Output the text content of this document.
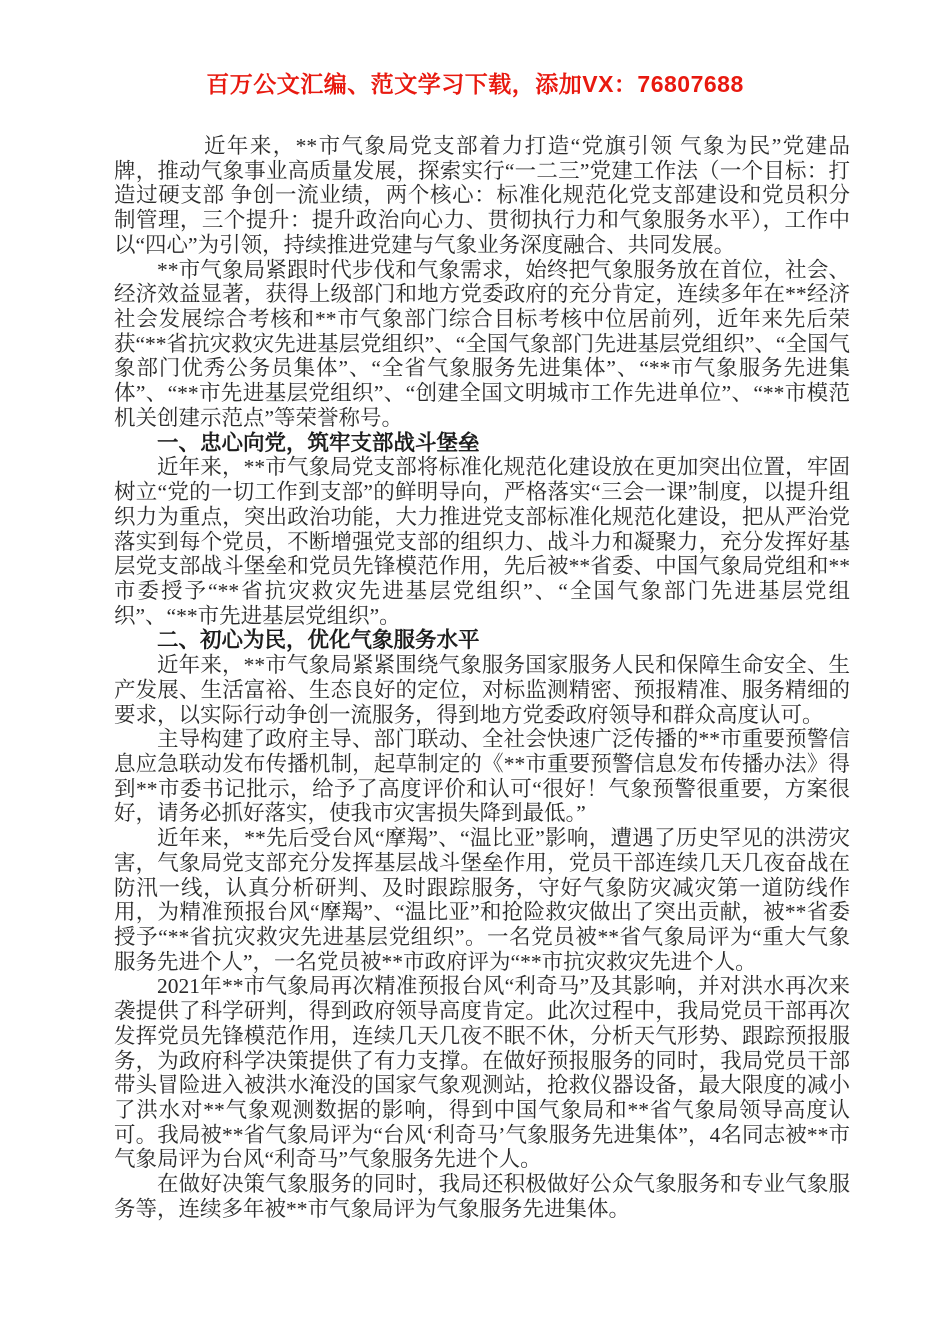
百万公文汇编、范文学习下载，添加VX：76807688

近年来，**市气象局党支部着力打造“党旗引领 气象为民”党建品牌，推动气象事业高质量发展，探索实行“一二三”党建工作法（一个目标：打造过硬支部 争创一流业绩，两个核心：标准化规范化党支部建设和党员积分制管理，三个提升：提升政治向心力、贯彻执行力和气象服务水平），工作中以“四心”为引领，持续推进党建与气象业务深度融合、共同发展。

**市气象局紧跟时代步伐和气象需求，始终把气象服务放在首位，社会、经济效益显著，获得上级部门和地方党委政府的充分肯定，连续多年在**经济社会发展综合考核和**市气象部门综合目标考核中位居前列，近年来先后荣获“**省抗灾救灾先进基层党组织”、“全国气象部门先进基层党组织”、“全国气象部门优秀公务员集体”、“全省气象服务先进集体”、“**市气象服务先进集体”、“**市先进基层党组织”、“创建全国文明城市工作先进单位”、“**市模范机关创建示范点”等荣誉称号。

一、忠心向党，筑牢支部战斗堡垒

近年来，**市气象局党支部将标准化规范化建设放在更加突出位置，牢固树立“党的一切工作到支部”的鲜明导向，严格落实“三会一课”制度，以提升组织力为重点，突出政治功能，大力推进党支部标准化规范化建设，把从严治党落实到每个党员，不断增强党支部的组织力、战斗力和凝聚力，充分发挥好基层党支部战斗堡垒和党员先锋模范作用，先后被**省委、中国气象局党组和**市委授予“**省抗灾救灾先进基层党组织”、“全国气象部门先进基层党组织”、“**市先进基层党组织”。

二、初心为民，优化气象服务水平

近年来，**市气象局紧紧围绕气象服务国家服务人民和保障生命安全、生产发展、生活富裕、生态良好的定位，对标监测精密、预报精准、服务精细的要求，以实际行动争创一流服务，得到地方党委政府领导和群众高度认可。

主导构建了政府主导、部门联动、全社会快速广泛传播的**市重要预警信息应急联动发布传播机制，起草制定的《**市重要预警信息发布传播办法》得到**市委书记批示，给予了高度评价和认可“很好！气象预警很重要，方案很好，请务必抓好落实，使我市灾害损失降到最低。”

近年来，**先后受台风“摩羯”、“温比亚”影响，遭遇了历史罕见的洪涝灾害，气象局党支部充分发挥基层战斗堡垒作用，党员干部连续几天几夜奋战在防汛一线，认真分析研判、及时跟踪服务，守好气象防灾减灾第一道防线作用，为精准预报台风“摩羯”、“温比亚”和抢险救灾做出了突出贡献，被**省委授予“**省抗灾救灾先进基层党组织”。一名党员被**省气象局评为“重大气象服务先进个人”，一名党员被**市政府评为“**市抗灾救灾先进个人。

2021年**市气象局再次精准预报台风“利奇马”及其影响，并对洪水再次来袭提供了科学研判，得到政府领导高度肯定。此次过程中，我局党员干部再次发挥党员先锋模范作用，连续几天几夜不眠不休，分析天气形势、跟踪预报服务，为政府科学决策提供了有力支撑。在做好预报服务的同时，我局党员干部带头冒险进入被洪水淹没的国家气象观测站，抢救仪器设备，最大限度的减小了洪水对**气象观测数据的影响，得到中国气象局和**省气象局领导高度认可。我局被**省气象局评为“台风‘利奇马’气象服务先进集体”，4名同志被**市气象局评为台风“利奇马”气象服务先进个人。

在做好决策气象服务的同时，我局还积极做好公众气象服务和专业气象服务等，连续多年被**市气象局评为气象服务先进集体。
